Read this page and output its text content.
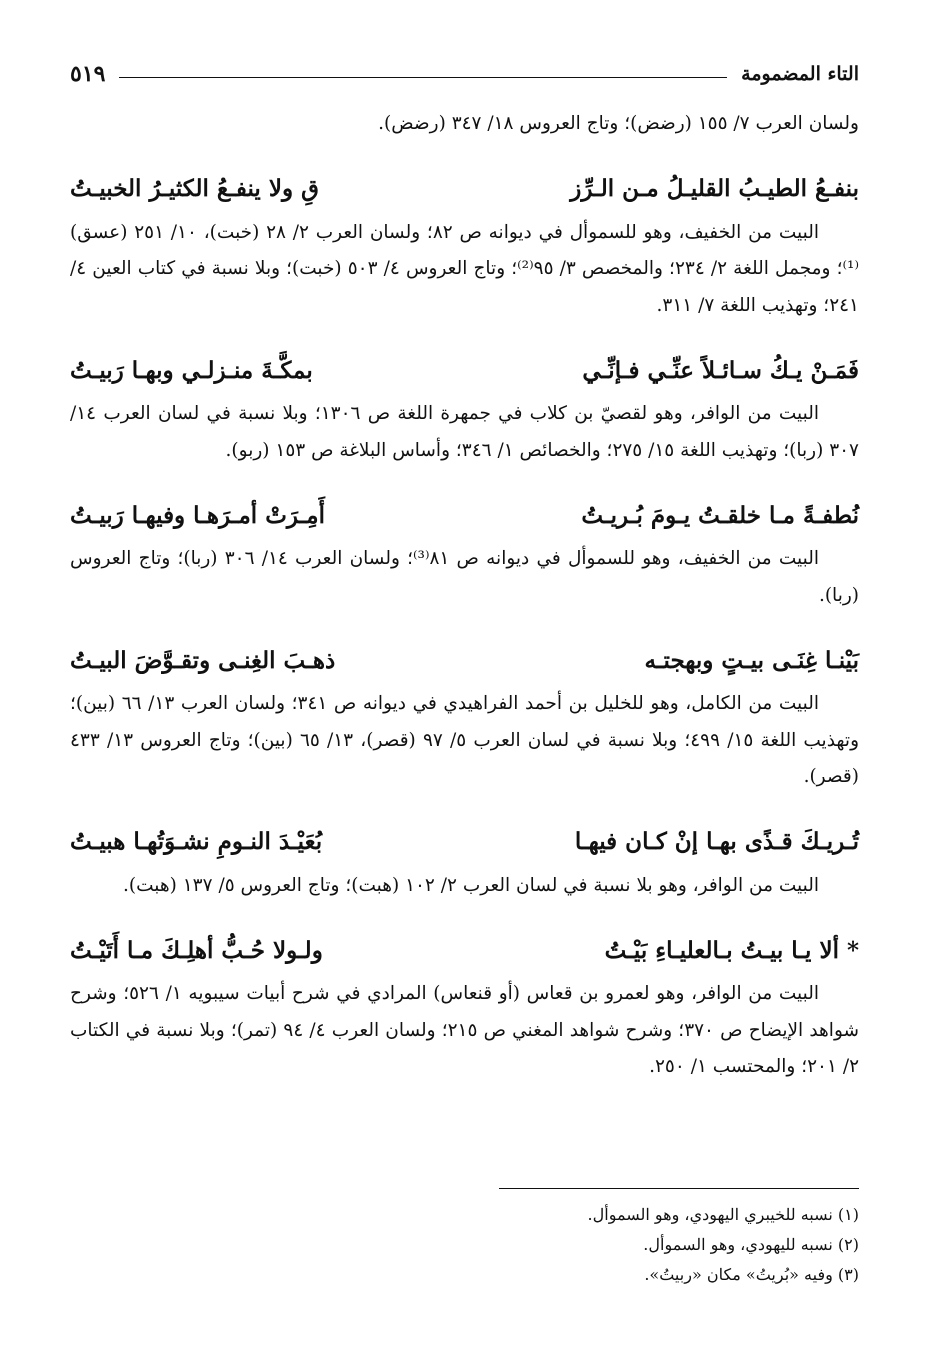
التاء المضمومة
٥١٩

ولسان العرب ٧/ ١٥٥ (رضض)؛ وتاج العروس ١٨/ ٣٤٧ (رضض).

بنفـعُ الطيـبُ القليـلُ مـن الـرِّز
قِ ولا ينفـعُ الكثيـرُ الخبيـتُ

البيت من الخفيف، وهو للسموأل في ديوانه ص ٨٢؛ ولسان العرب ٢/ ٢٨ (خبت)، ١٠/ ٢٥١ (عسق)⁽¹⁾؛ ومجمل اللغة ٢/ ٢٣٤؛ والمخصص ٣/ ٩٥⁽²⁾؛ وتاج العروس ٤/ ٥٠٣ (خبت)؛ وبلا نسبة في كتاب العين ٤/ ٢٤١؛ وتهذيب اللغة ٧/ ٣١١.

فَمَـنْ يـكُ سـائـلاً عنِّـي فـإنِّـي
بمكَّـةَ منـزلـي وبهـا رَبيـتُ

البيت من الوافر، وهو لقصيّ بن كلاب في جمهرة اللغة ص ١٣٠٦؛ وبلا نسبة في لسان العرب ١٤/ ٣٠٧ (ربا)؛ وتهذيب اللغة ١٥/ ٢٧٥؛ والخصائص ١/ ٣٤٦؛ وأساس البلاغة ص ١٥٣ (ربو).

نُطفـةً مـا خلقـتُ يـومَ بُـريـتُ
أَمِـرَتْ أمـرَهـا وفيهـا رَبيـتُ

البيت من الخفيف، وهو للسموأل في ديوانه ص ٨١⁽³⁾؛ ولسان العرب ١٤/ ٣٠٦ (ربا)؛ وتاج العروس (ربا).

بَيْنـا غِنَـى بيـتٍ وبهجتـه
ذهـبَ الغِنـى وتقـوَّضَ البيـتُ

البيت من الكامل، وهو للخليل بن أحمد الفراهيدي في ديوانه ص ٣٤١؛ ولسان العرب ١٣/ ٦٦ (بين)؛ وتهذيب اللغة ١٥/ ٤٩٩؛ وبلا نسبة في لسان العرب ٥/ ٩٧ (قصر)، ١٣/ ٦٥ (بين)؛ وتاج العروس ١٣/ ٤٣٣ (قصر).

تُـريـكَ قـذًى بهـا إنْ كـان فيهـا
بُعَيْـدَ النـومِ نشـوَتُهـا هبيـتُ

البيت من الوافر، وهو بلا نسبة في لسان العرب ٢/ ١٠٢ (هبت)؛ وتاج العروس ٥/ ١٣٧ (هبت).

* ألا يـا بيـتُ بـالعليـاءِ بَيْـتُ
ولـولا حُـبُّ أهلِـكَ مـا أَتَيْـتُ

البيت من الوافر، وهو لعمرو بن قعاس (أو قنعاس) المرادي في شرح أبيات سيبويه ١/ ٥٢٦؛ وشرح شواهد الإيضاح ص ٣٧٠؛ وشرح شواهد المغني ص ٢١٥؛ ولسان العرب ٤/ ٩٤ (تمر)؛ وبلا نسبة في الكتاب ٢/ ٢٠١؛ والمحتسب ١/ ٢٥٠.

(١) نسبه للخيبري اليهودي، وهو السموأل.

(٢) نسبه لليهودي، وهو السموأل.

(٣) وفيه «بُريتُ» مكان «ربيتُ».
